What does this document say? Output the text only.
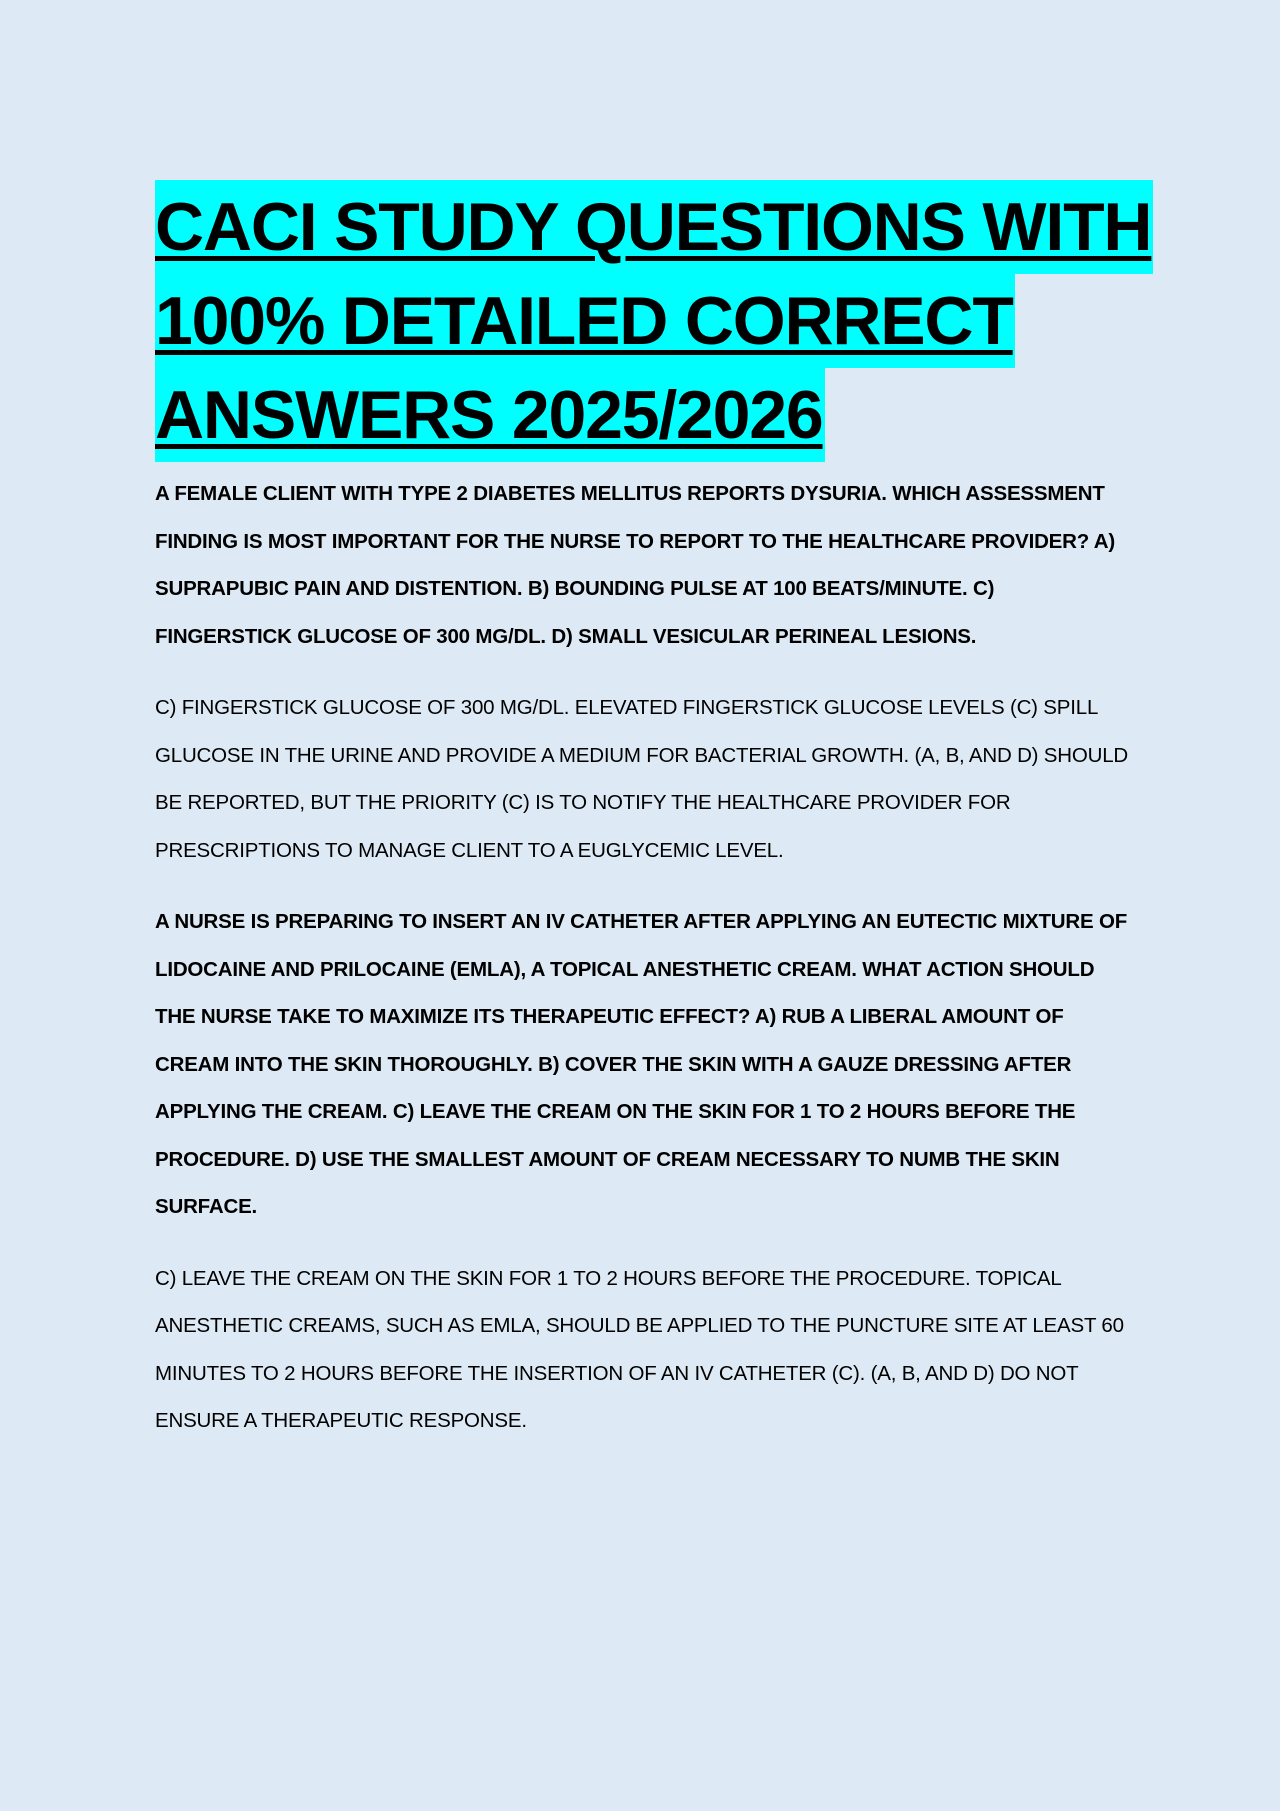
CACI STUDY QUESTIONS WITH
100% DETAILED CORRECT
ANSWERS 2025/2026

A FEMALE CLIENT WITH TYPE 2 DIABETES MELLITUS REPORTS DYSURIA. WHICH ASSESSMENT FINDING IS MOST IMPORTANT FOR THE NURSE TO REPORT TO THE HEALTHCARE PROVIDER? A) SUPRAPUBIC PAIN AND DISTENTION. B) BOUNDING PULSE AT 100 BEATS/MINUTE. C) FINGERSTICK GLUCOSE OF 300 MG/DL. D) SMALL VESICULAR PERINEAL LESIONS.

C) FINGERSTICK GLUCOSE OF 300 MG/DL. ELEVATED FINGERSTICK GLUCOSE LEVELS (C) SPILL GLUCOSE IN THE URINE AND PROVIDE A MEDIUM FOR BACTERIAL GROWTH. (A, B, AND D) SHOULD BE REPORTED, BUT THE PRIORITY (C) IS TO NOTIFY THE HEALTHCARE PROVIDER FOR PRESCRIPTIONS TO MANAGE CLIENT TO A EUGLYCEMIC LEVEL.

A NURSE IS PREPARING TO INSERT AN IV CATHETER AFTER APPLYING AN EUTECTIC MIXTURE OF LIDOCAINE AND PRILOCAINE (EMLA), A TOPICAL ANESTHETIC CREAM. WHAT ACTION SHOULD THE NURSE TAKE TO MAXIMIZE ITS THERAPEUTIC EFFECT? A) RUB A LIBERAL AMOUNT OF CREAM INTO THE SKIN THOROUGHLY. B) COVER THE SKIN WITH A GAUZE DRESSING AFTER APPLYING THE CREAM. C) LEAVE THE CREAM ON THE SKIN FOR 1 TO 2 HOURS BEFORE THE PROCEDURE. D) USE THE SMALLEST AMOUNT OF CREAM NECESSARY TO NUMB THE SKIN SURFACE.

C) LEAVE THE CREAM ON THE SKIN FOR 1 TO 2 HOURS BEFORE THE PROCEDURE. TOPICAL ANESTHETIC CREAMS, SUCH AS EMLA, SHOULD BE APPLIED TO THE PUNCTURE SITE AT LEAST 60 MINUTES TO 2 HOURS BEFORE THE INSERTION OF AN IV CATHETER (C). (A, B, AND D) DO NOT ENSURE A THERAPEUTIC RESPONSE.
